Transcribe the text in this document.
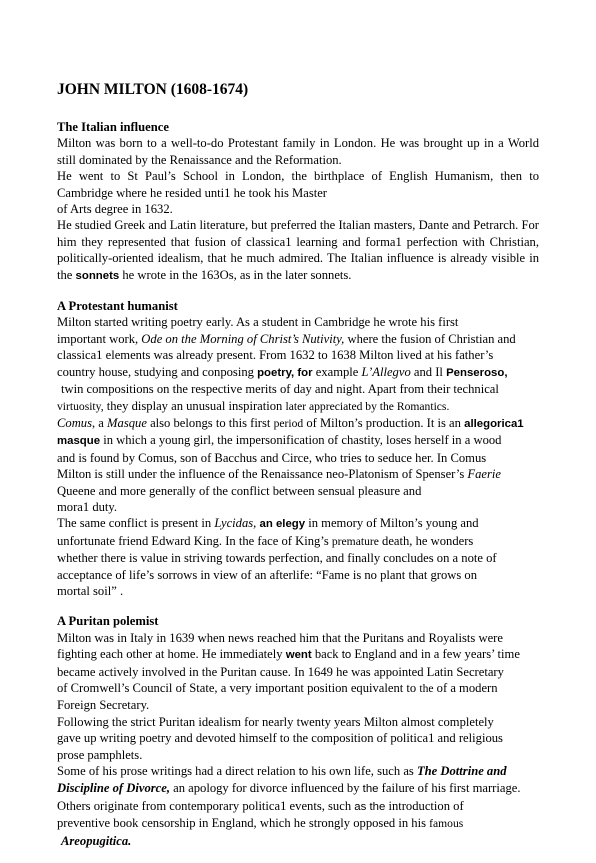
JOHN MILTON (1608-1674)
The Italian influence

Milton was born to a well-to-do Protestant family in London. He was brought up in a World still dominated by the Renaissance and the Reformation.

He went to St Paul’s School in London, the birthplace of English Humanism, then to Cambridge where he resided unti1 he took his Master

of Arts degree in 1632.

He studied Greek and Latin literature, but preferred the Italian masters, Dante and Petrarch. For him they represented that fusion of classica1 learning and forma1 perfection with Christian, politically-oriented idealism, that he much admired. The Italian influence is already visible in the sonnets he wrote in the 163Os, as in the later sonnets.

A Protestant humanist

Milton started writing poetry early. As a student in Cambridge he wrote his first

important work, Ode on the Morning of Christ’s Nutivity, where the fusion of Christian and

classica1 elements was already present. From 1632 to 1638 Milton lived at his father’s

country house, studying and conposing poetry, for example L’Allegvo and Il Penseroso,

twin compositions on the respective merits of day and night. Apart from their technical

virtuosity, they display an unusual inspiration later appreciated by the Romantics.

Comus, a Masque also belongs to this first period of Milton’s production. It is an allegorica1

masque in which a young girl, the impersonification of chastity, loses herself in a wood

and is found by Comus, son of Bacchus and Circe, who tries to seduce her. In Comus

Milton is still under the influence of the Renaissance neo-Platonism of Spenser’s Faerie

Queene and more generally of the conflict between sensual pleasure and

mora1 duty.

The same conflict is present in Lycidas, an elegy in memory of Milton’s young and

unfortunate friend Edward King. In the face of King’s premature death, he wonders

whether there is value in striving towards perfection, and finally concludes on a note of

acceptance of life’s sorrows in view of an afterlife: “Fame is no plant that grows on

mortal soil” .

A Puritan polemist

Milton was in Italy in 1639 when news reached him that the Puritans and Royalists were

fighting each other at home. He immediately went back to England and in a few years’ time

became actively involved in the Puritan cause. In 1649 he was appointed Latin Secretary

of Cromwell’s Council of State, a very important position equivalent to the of a modern

Foreign Secretary.

Following the strict Puritan idealism for nearly twenty years Milton almost completely

gave up writing poetry and devoted himself to the composition of politica1 and religious

prose pamphlets.

Some of his prose writings had a direct relation to his own life, such as The Dottrine and

Discipline of Divorce, an apology for divorce influenced by the failure of his first marriage.

Others originate from contemporary politica1 events, such as the introduction of

preventive book censorship in England, which he strongly opposed in his famous

Areopugitica.
